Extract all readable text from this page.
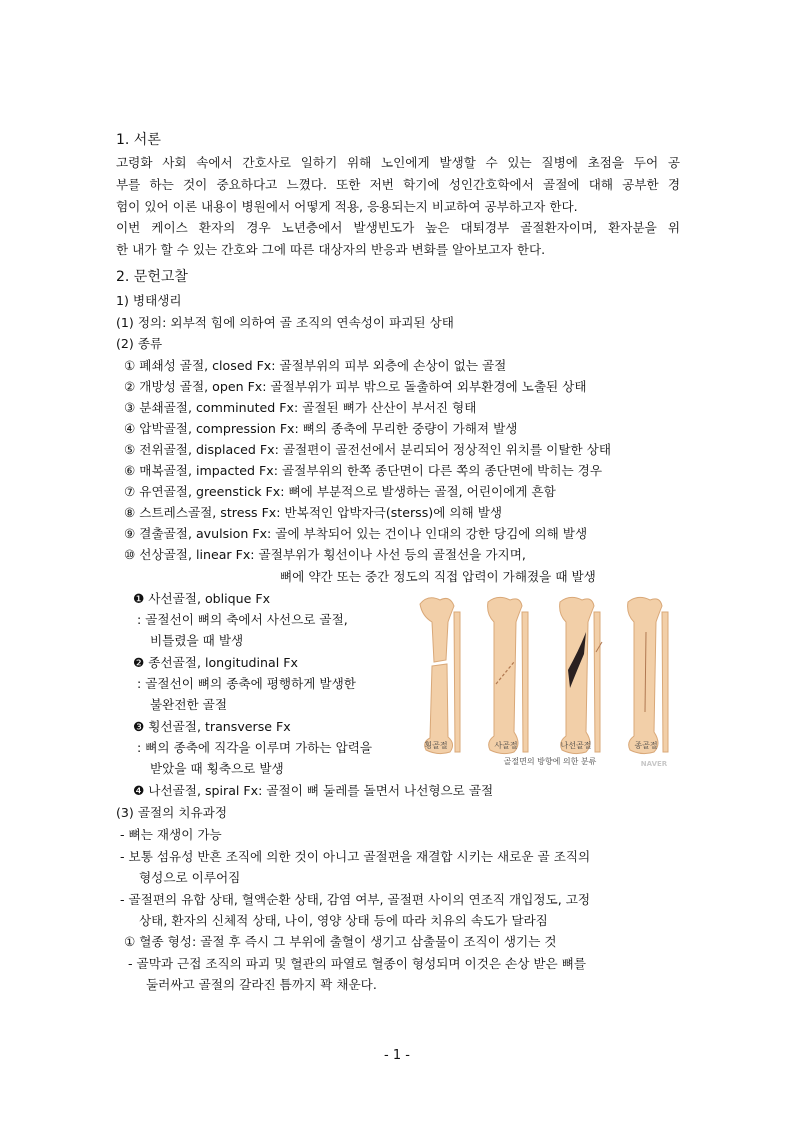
1. 서론
고령화 사회 속에서 간호사로 일하기 위해 노인에게 발생할 수 있는 질병에 초점을 두어 공
부를 하는 것이 중요하다고 느꼈다. 또한 저번 학기에 성인간호학에서 골절에 대해 공부한 경
험이 있어 이론 내용이 병원에서 어떻게 적용, 응용되는지 비교하여 공부하고자 한다.
이번 케이스 환자의 경우 노년층에서 발생빈도가 높은 대퇴경부 골절환자이며, 환자분을 위
한 내가 할 수 있는 간호와 그에 따른 대상자의 반응과 변화를 알아보고자 한다.
2. 문헌고찰
1) 병태생리
(1) 정의: 외부적 힘에 의하여 골 조직의 연속성이 파괴된 상태
(2) 종류
① 폐쇄성 골절, closed Fx: 골절부위의 피부 외층에 손상이 없는 골절
② 개방성 골절, open Fx: 골절부위가 피부 밖으로 돌출하여 외부환경에 노출된 상태
③ 분쇄골절, comminuted Fx: 골절된 뼈가 산산이 부서진 형태
④ 압박골절, compression Fx: 뼈의 종축에 무리한 중량이 가해져 발생
⑤ 전위골절, displaced Fx: 골절편이 골전선에서 분리되어 정상적인 위치를 이탈한 상태
⑥ 매복골절, impacted Fx: 골절부위의 한쪽 종단면이 다른 쪽의 종단면에 박히는 경우
⑦ 유연골절, greenstick Fx: 뼈에 부분적으로 발생하는 골절, 어린이에게 흔함
⑧ 스트레스골절, stress Fx: 반복적인 압박자극(sterss)에 의해 발생
⑨ 결출골절, avulsion Fx: 골에 부착되어 있는 건이나 인대의 강한 당김에 의해 발생
⑩ 선상골절, linear Fx: 골절부위가 횡선이나 사선 등의 골절선을 가지며,
뼈에 약간 또는 중간 정도의 직접 압력이 가해졌을 때 발생
❶ 사선골절, oblique Fx
: 골절선이 뼈의 축에서 사선으로 골절,
비틀렸을 때 발생
❷ 종선골절, longitudinal Fx
: 골절선이 뼈의 종축에 평행하게 발생한
불완전한 골절
❸ 횡선골절, transverse Fx
: 뼈의 종축에 직각을 이루며 가하는 압력을
받았을 때 횡축으로 발생
❹ 나선골절, spiral Fx: 골절이 뼈 둘레를 돌면서 나선형으로 골절
횡골절	사골절	나선골절	종골절
골절면의 방향에 의한 분류	NAVER
(3) 골절의 치유과정
- 뼈는 재생이 가능
- 보통 섬유성 반흔 조직에 의한 것이 아니고 골절편을 재결합 시키는 새로운 골 조직의
형성으로 이루어짐
- 골절편의 유합 상태, 혈액순환 상태, 감염 여부, 골절편 사이의 연조직 개입정도, 고정
상태, 환자의 신체적 상태, 나이, 영양 상태 등에 따라 치유의 속도가 달라짐
① 혈종 형성: 골절 후 즉시 그 부위에 출혈이 생기고 삼출물이 조직이 생기는 것
- 골막과 근접 조직의 파괴 및 혈관의 파열로 혈종이 형성되며 이것은 손상 받은 뼈를
둘러싸고 골절의 갈라진 틈까지 꽉 채운다.
- 1 -
